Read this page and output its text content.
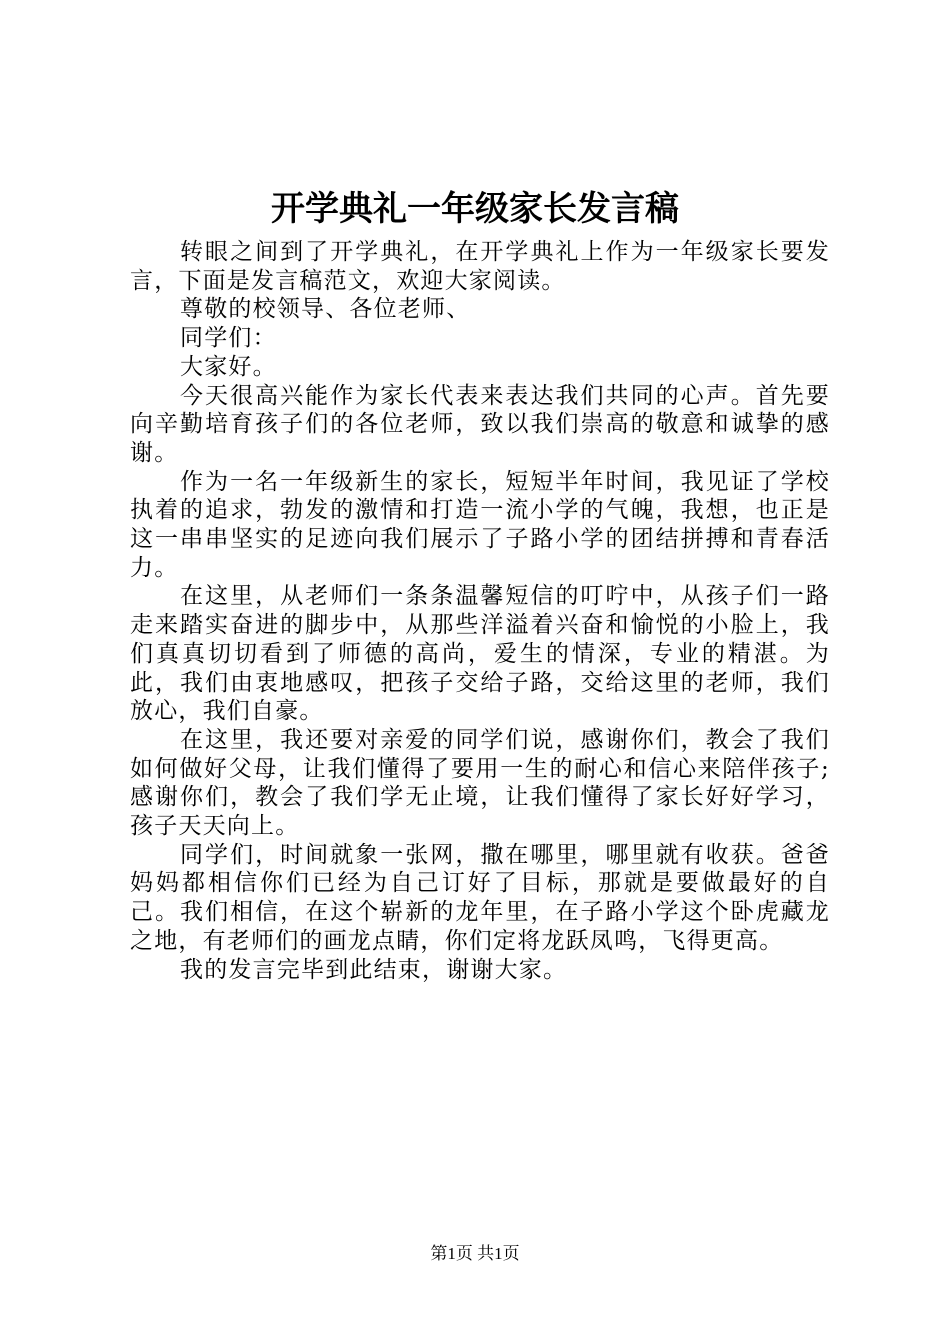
开学典礼一年级家长发言稿

转眼之间到了开学典礼，在开学典礼上作为一年级家长要发言，下面是发言稿范文，欢迎大家阅读。

尊敬的校领导、各位老师、

同学们：

大家好。

今天很高兴能作为家长代表来表达我们共同的心声。首先要向辛勤培育孩子们的各位老师，致以我们崇高的敬意和诚挚的感谢。

作为一名一年级新生的家长，短短半年时间，我见证了学校执着的追求，勃发的激情和打造一流小学的气魄，我想，也正是这一串串坚实的足迹向我们展示了子路小学的团结拼搏和青春活力。

在这里，从老师们一条条温馨短信的叮咛中，从孩子们一路走来踏实奋进的脚步中，从那些洋溢着兴奋和愉悦的小脸上，我们真真切切看到了师德的高尚，爱生的情深，专业的精湛。为此，我们由衷地感叹，把孩子交给子路，交给这里的老师，我们放心，我们自豪。

在这里，我还要对亲爱的同学们说，感谢你们，教会了我们如何做好父母，让我们懂得了要用一生的耐心和信心来陪伴孩子;感谢你们，教会了我们学无止境，让我们懂得了家长好好学习，孩子天天向上。

同学们，时间就象一张网，撒在哪里，哪里就有收获。爸爸妈妈都相信你们已经为自己订好了目标，那就是要做最好的自己。我们相信，在这个崭新的龙年里，在子路小学这个卧虎藏龙之地，有老师们的画龙点睛，你们定将龙跃凤鸣，飞得更高。

我的发言完毕到此结束，谢谢大家。

第1页 共1页
